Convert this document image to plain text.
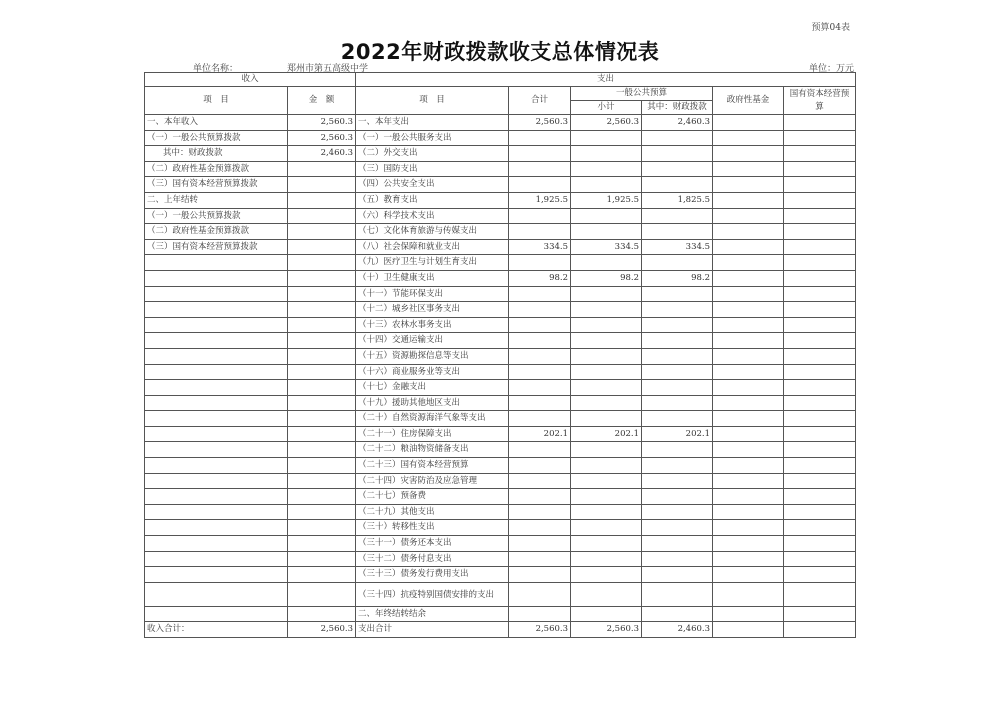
预算04表
2022年财政拨款收支总体情况表
单位名称：	郑州市第五高级中学	单位：万元
收入		支出					
项　目	金　额	项　目	合计	一般公共预算		政府性基金	国有资本经营预算
				小计	其中：财政拨款		
一、本年收入	2,560.3	一、本年支出	2,560.3	2,560.3	2,460.3		
（一）一般公共预算拨款	2,560.3	（一）一般公共服务支出					
其中：财政拨款	2,460.3	（二）外交支出					
（二）政府性基金预算拨款		（三）国防支出					
（三）国有资本经营预算拨款		（四）公共安全支出					
二、上年结转		（五）教育支出	1,925.5	1,925.5	1,825.5		
（一）一般公共预算拨款		（六）科学技术支出					
（二）政府性基金预算拨款		（七）文化体育旅游与传媒支出					
（三）国有资本经营预算拨款		（八）社会保障和就业支出	334.5	334.5	334.5		
		（九）医疗卫生与计划生育支出					
		（十）卫生健康支出	98.2	98.2	98.2		
		（十一）节能环保支出					
		（十二）城乡社区事务支出					
		（十三）农林水事务支出					
		（十四）交通运输支出					
		（十五）资源勘探信息等支出					
		（十六）商业服务业等支出					
		（十七）金融支出					
		（十九）援助其他地区支出					
		（二十）自然资源海洋气象等支出					
		（二十一）住房保障支出	202.1	202.1	202.1		
		（二十二）粮油物资储备支出					
		（二十三）国有资本经营预算					
		（二十四）灾害防治及应急管理					
		（二十七）预备费					
		（二十九）其他支出					
		（三十）转移性支出					
		（三十一）债务还本支出					
		（三十二）债务付息支出					
		（三十三）债务发行费用支出					
		（三十四）抗疫特别国债安排的支出					
		二、年终结转结余					
收入合计：	2,560.3	支出合计	2,560.3	2,560.3	2,460.3		
